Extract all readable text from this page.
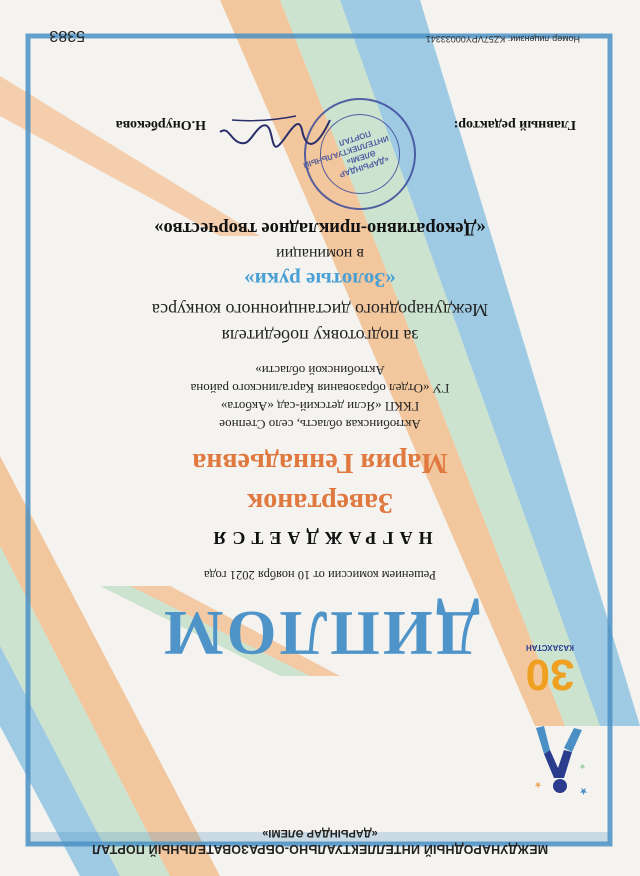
МЕЖДУНАРОДНЫЙ ИНТЕЛЛЕКТУАЛЬНО-ОБРАЗОВАТЕЛЬНЫЙ ПОРТАЛ
«ДАРЫНДАР ӘЛЕМІ»
★
★
★
30
КАЗАХСТАН
ДИПЛОМ
Решением комиссии от 10 ноября 2021 года
НАГРАЖДАЕТСЯ
Завертанок
Мария Геннадьевна
Актюбинская область, село Степное
ГККП «Ясли детский-сад «Акбота»
ГУ «Отдел образования Каргалинского района
Актюбинской области»
за подготовку победителя
Международного дистанционного конкурса
«Золотые руки»
в номинации
«Декоративно-прикладное творчество»
«ДАРЫНДАР ӘЛЕМІ» ИНТЕЛЛЕКТУАЛЬНЫЙ ПОРТАЛ
Главный редактор:
Н.Онурбекова
Номер лицензии: KZ57VPY00033341
5383
